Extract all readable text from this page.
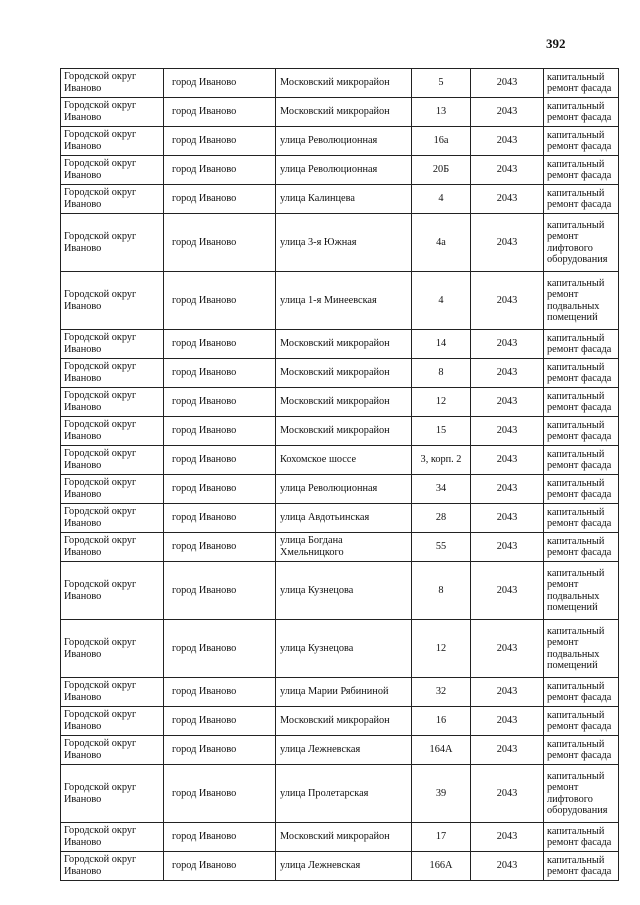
392
Городской округ Иваново	город Иваново	Московский микрорайон	5	2043	капитальный ремонт фасада
Городской округ Иваново	город Иваново	Московский микрорайон	13	2043	капитальный ремонт фасада
Городской округ Иваново	город Иваново	улица Революционная	16а	2043	капитальный ремонт фасада
Городской округ Иваново	город Иваново	улица Революционная	20Б	2043	капитальный ремонт фасада
Городской округ Иваново	город Иваново	улица Калинцева	4	2043	капитальный ремонт фасада
Городской округ Иваново	город Иваново	улица 3-я Южная	4а	2043	капитальный ремонт лифтового оборудования
Городской округ Иваново	город Иваново	улица 1-я Минеевская	4	2043	капитальный ремонт подвальных помещений
Городской округ Иваново	город Иваново	Московский микрорайон	14	2043	капитальный ремонт фасада
Городской округ Иваново	город Иваново	Московский микрорайон	8	2043	капитальный ремонт фасада
Городской округ Иваново	город Иваново	Московский микрорайон	12	2043	капитальный ремонт фасада
Городской округ Иваново	город Иваново	Московский микрорайон	15	2043	капитальный ремонт фасада
Городской округ Иваново	город Иваново	Кохомское шоссе	3, корп. 2	2043	капитальный ремонт фасада
Городской округ Иваново	город Иваново	улица Революционная	34	2043	капитальный ремонт фасада
Городской округ Иваново	город Иваново	улица Авдотьинская	28	2043	капитальный ремонт фасада
Городской округ Иваново	город Иваново	улица Богдана Хмельницкого	55	2043	капитальный ремонт фасада
Городской округ Иваново	город Иваново	улица Кузнецова	8	2043	капитальный ремонт подвальных помещений
Городской округ Иваново	город Иваново	улица Кузнецова	12	2043	капитальный ремонт подвальных помещений
Городской округ Иваново	город Иваново	улица Марии Рябининой	32	2043	капитальный ремонт фасада
Городской округ Иваново	город Иваново	Московский микрорайон	16	2043	капитальный ремонт фасада
Городской округ Иваново	город Иваново	улица Лежневская	164А	2043	капитальный ремонт фасада
Городской округ Иваново	город Иваново	улица Пролетарская	39	2043	капитальный ремонт лифтового оборудования
Городской округ Иваново	город Иваново	Московский микрорайон	17	2043	капитальный ремонт фасада
Городской округ Иваново	город Иваново	улица Лежневская	166А	2043	капитальный ремонт фасада
